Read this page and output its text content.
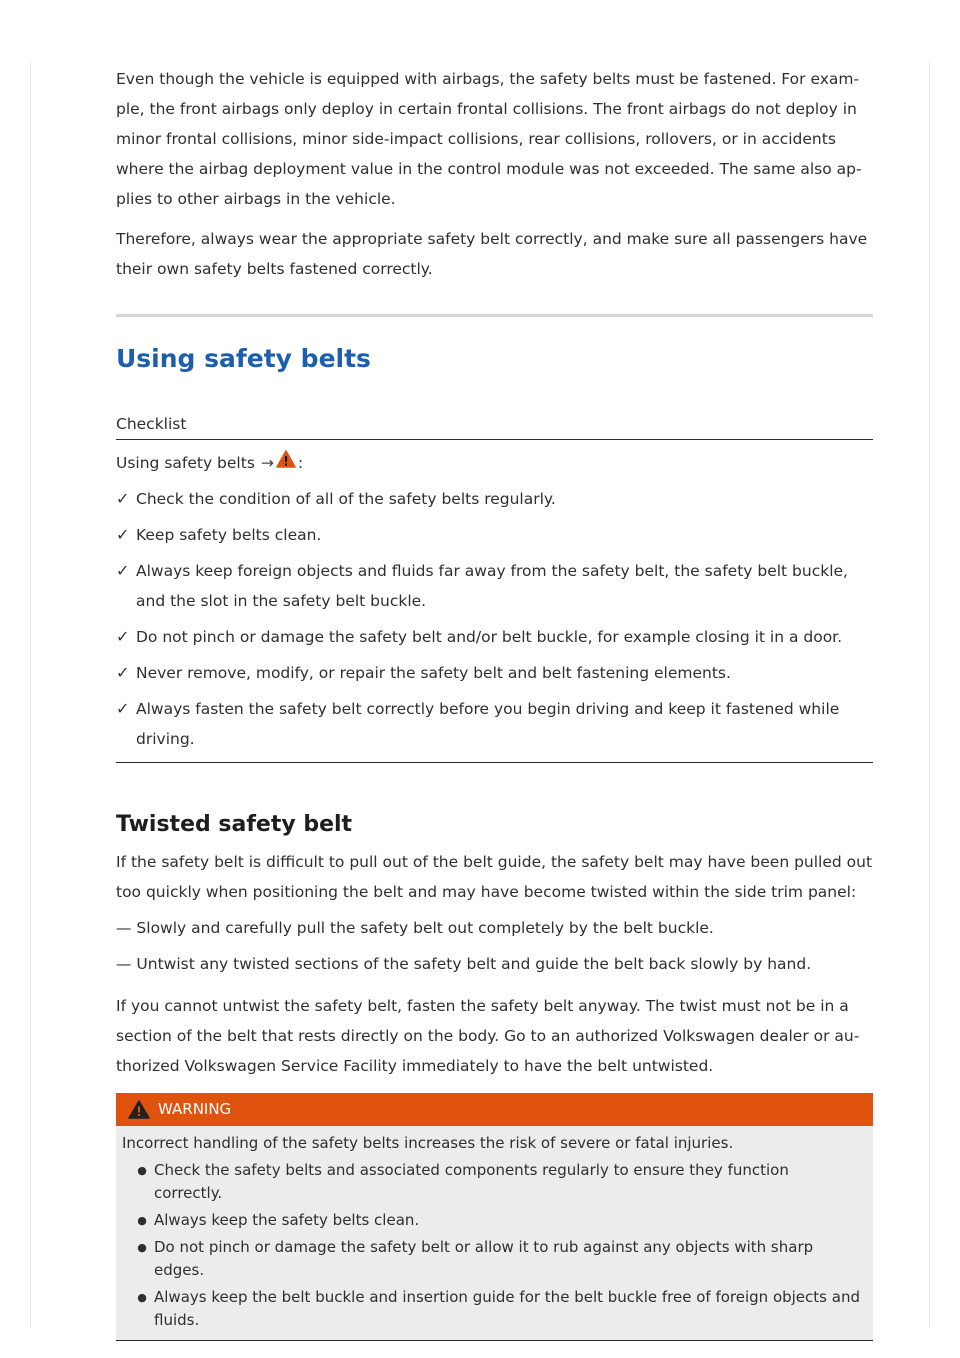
Even though the vehicle is equipped with airbags, the safety belts must be fastened. For exam-ple, the front airbags only deploy in certain frontal collisions. The front airbags do not deploy in minor frontal collisions, minor side-impact collisions, rear collisions, rollovers, or in accidents where the airbag deployment value in the control module was not exceeded. The same also ap-plies to other airbags in the vehicle.

Therefore, always wear the appropriate safety belt correctly, and make sure all passengers have their own safety belts fastened correctly.

Using safety belts
Checklist
Using safety belts → :
✓ Check the condition of all of the safety belts regularly.
✓ Keep safety belts clean.
✓ Always keep foreign objects and fluids far away from the safety belt, the safety belt buckle, and the slot in the safety belt buckle.
✓ Do not pinch or damage the safety belt and/or belt buckle, for example closing it in a door.
✓ Never remove, modify, or repair the safety belt and belt fastening elements.
✓ Always fasten the safety belt correctly before you begin driving and keep it fastened while driving.
Twisted safety belt

If the safety belt is difficult to pull out of the belt guide, the safety belt may have been pulled out too quickly when positioning the belt and may have become twisted within the side trim panel:

— Slowly and carefully pull the safety belt out completely by the belt buckle.
— Untwist any twisted sections of the safety belt and guide the belt back slowly by hand.

If you cannot untwist the safety belt, fasten the safety belt anyway. The twist must not be in a section of the belt that rests directly on the body. Go to an authorized Volkswagen dealer or au-thorized Volkswagen Service Facility immediately to have the belt untwisted.

WARNING

Incorrect handling of the safety belts increases the risk of severe or fatal injuries.

● Check the safety belts and associated components regularly to ensure they function correctly.
● Always keep the safety belts clean.
● Do not pinch or damage the safety belt or allow it to rub against any objects with sharp edges.
● Always keep the belt buckle and insertion guide for the belt buckle free of foreign objects and fluids.
